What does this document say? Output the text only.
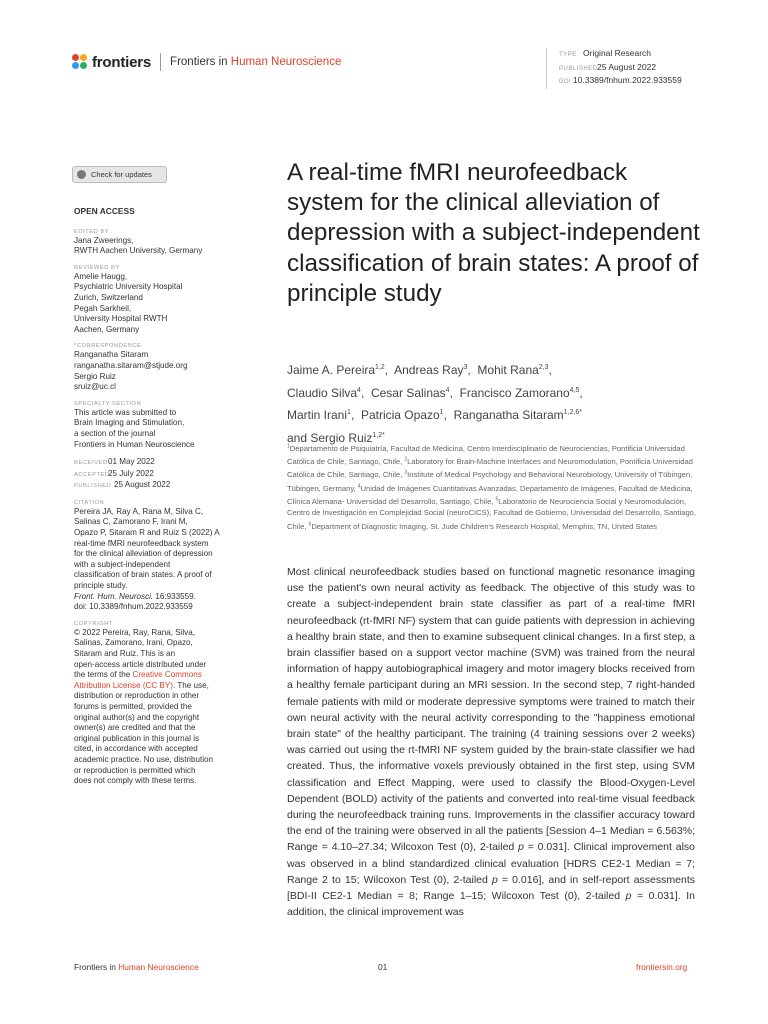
frontiers Frontiers in Human Neuroscience
TYPE Original Research
PUBLISHED25 August 2022
DOI 10.3389/fnhum.2022.933559
Check for updates
OPEN ACCESS
EDITED BY
Jana Zweerings,
RWTH Aachen University, Germany
REVIEWED BY
Amelie Haugg,
Psychiatric University Hospital
Zurich, Switzerland
Pegah Sarkheil,
University Hospital RWTH
Aachen, Germany
*CORRESPONDENCE
Ranganatha Sitaram
ranganatha.sitaram@stjude.org
Sergio Ruiz
sruiz@uc.cl
SPECIALTY SECTION
This article was submitted to
Brain Imaging and Stimulation,
a section of the journal
Frontiers in Human Neuroscience
RECEIVED01 May 2022
ACCEPTED25 July 2022
PUBLISHED 25 August 2022
CITATION
Pereira JA, Ray A, Rana M, Silva C,
Salinas C, Zamorano F, Irani M,
Opazo P, Sitaram R and Ruiz S (2022) A
real-time fMRI neurofeedback system
for the clinical alleviation of depression
with a subject-independent
classification of brain states: A proof of
principle study.
Front. Hum. Neurosci. 16:933559.
doi: 10.3389/fnhum.2022.933559
COPYRIGHT
© 2022 Pereira, Ray, Rana, Silva,
Salinas, Zamorano, Irani, Opazo,
Sitaram and Ruiz. This is an
open-access article distributed under
the terms of the Creative Commons
Attribution License (CC BY). The use,
distribution or reproduction in other
forums is permitted, provided the
original author(s) and the copyright
owner(s) are credited and that the
original publication in this journal is
cited, in accordance with accepted
academic practice. No use, distribution
or reproduction is permitted which
does not comply with these terms.
A real-time fMRI neurofeedback system for the clinical alleviation of depression with a subject-independent classification of brain states: A proof of principle study
Jaime A. Pereira$^{1,2}$,  Andreas Ray$^3$,  Mohit Rana$^{2,3}$,
Claudio Silva$^4$,  Cesar Salinas$^4$,  Francisco Zamorano$^{4,5}$,
Martin Irani$^1$,  Patricia Opazo$^1$,  Ranganatha Sitaram$^{1,2,6*}$
and Sergio Ruiz$^{1,2*}$
$^1$Departamento de Psiquiatría, Facultad de Medicina, Centro Interdisciplinario de Neurociencias, Pontificia Universidad Católica de Chile, Santiago, Chile, $^2$Laboratory for Brain-Machine Interfaces and Neuromodulation, Pontificia Universidad Católica de Chile, Santiago, Chile, $^3$Institute of Medical Psychology and Behavioral Neurobiology, University of Tübingen, Tübingen, Germany, $^4$Unidad de Imágenes Cuantitativas Avanzadas, Departamento de Imágenes, Facultad de Medicina, Clínica Alemana- Universidad del Desarrollo, Santiago, Chile, $^5$Laboratorio de Neurociencia Social y Neuromodulación, Centro de Investigación en Complejidad Social (neuroCICS), Facultad de Gobierno, Universidad del Desarrollo, Santiago, Chile, $^6$Department of Diagnostic Imaging, St. Jude Children's Research Hospital, Memphis, TN, United States

Most clinical neurofeedback studies based on functional magnetic resonance imaging use the patient's own neural activity as feedback. The objective of this study was to create a subject-independent brain state classifier as part of a real-time fMRI neurofeedback (rt-fMRI NF) system that can guide patients with depression in achieving a healthy brain state, and then to examine subsequent clinical changes. In a first step, a brain classifier based on a support vector machine (SVM) was trained from the neural information of happy autobiographical imagery and motor imagery blocks received from a healthy female participant during an MRI session. In the second step, 7 right-handed female patients with mild or moderate depressive symptoms were trained to match their own neural activity with the neural activity corresponding to the "happiness emotional brain state" of the healthy participant. The training (4 training sessions over 2 weeks) was carried out using the rt-fMRI NF system guided by the brain-state classifier we had created. Thus, the informative voxels previously obtained in the first step, using SVM classification and Effect Mapping, were used to classify the Blood-Oxygen-Level Dependent (BOLD) activity of the patients and converted into real-time visual feedback during the neurofeedback training runs. Improvements in the classifier accuracy toward the end of the training were observed in all the patients [Session 4–1 Median = 6.563%; Range = 4.10–27.34; Wilcoxon Test (0), 2-tailed p = 0.031]. Clinical improvement also was observed in a blind standardized clinical evaluation [HDRS CE2-1 Median = 7; Range 2 to 15; Wilcoxon Test (0), 2-tailed p = 0.016], and in self-report assessments [BDI-II CE2-1 Median = 8; Range 1–15; Wilcoxon Test (0), 2-tailed p = 0.031]. In addition, the clinical improvement was

Frontiers in Human Neuroscience	01	frontiersin.org
